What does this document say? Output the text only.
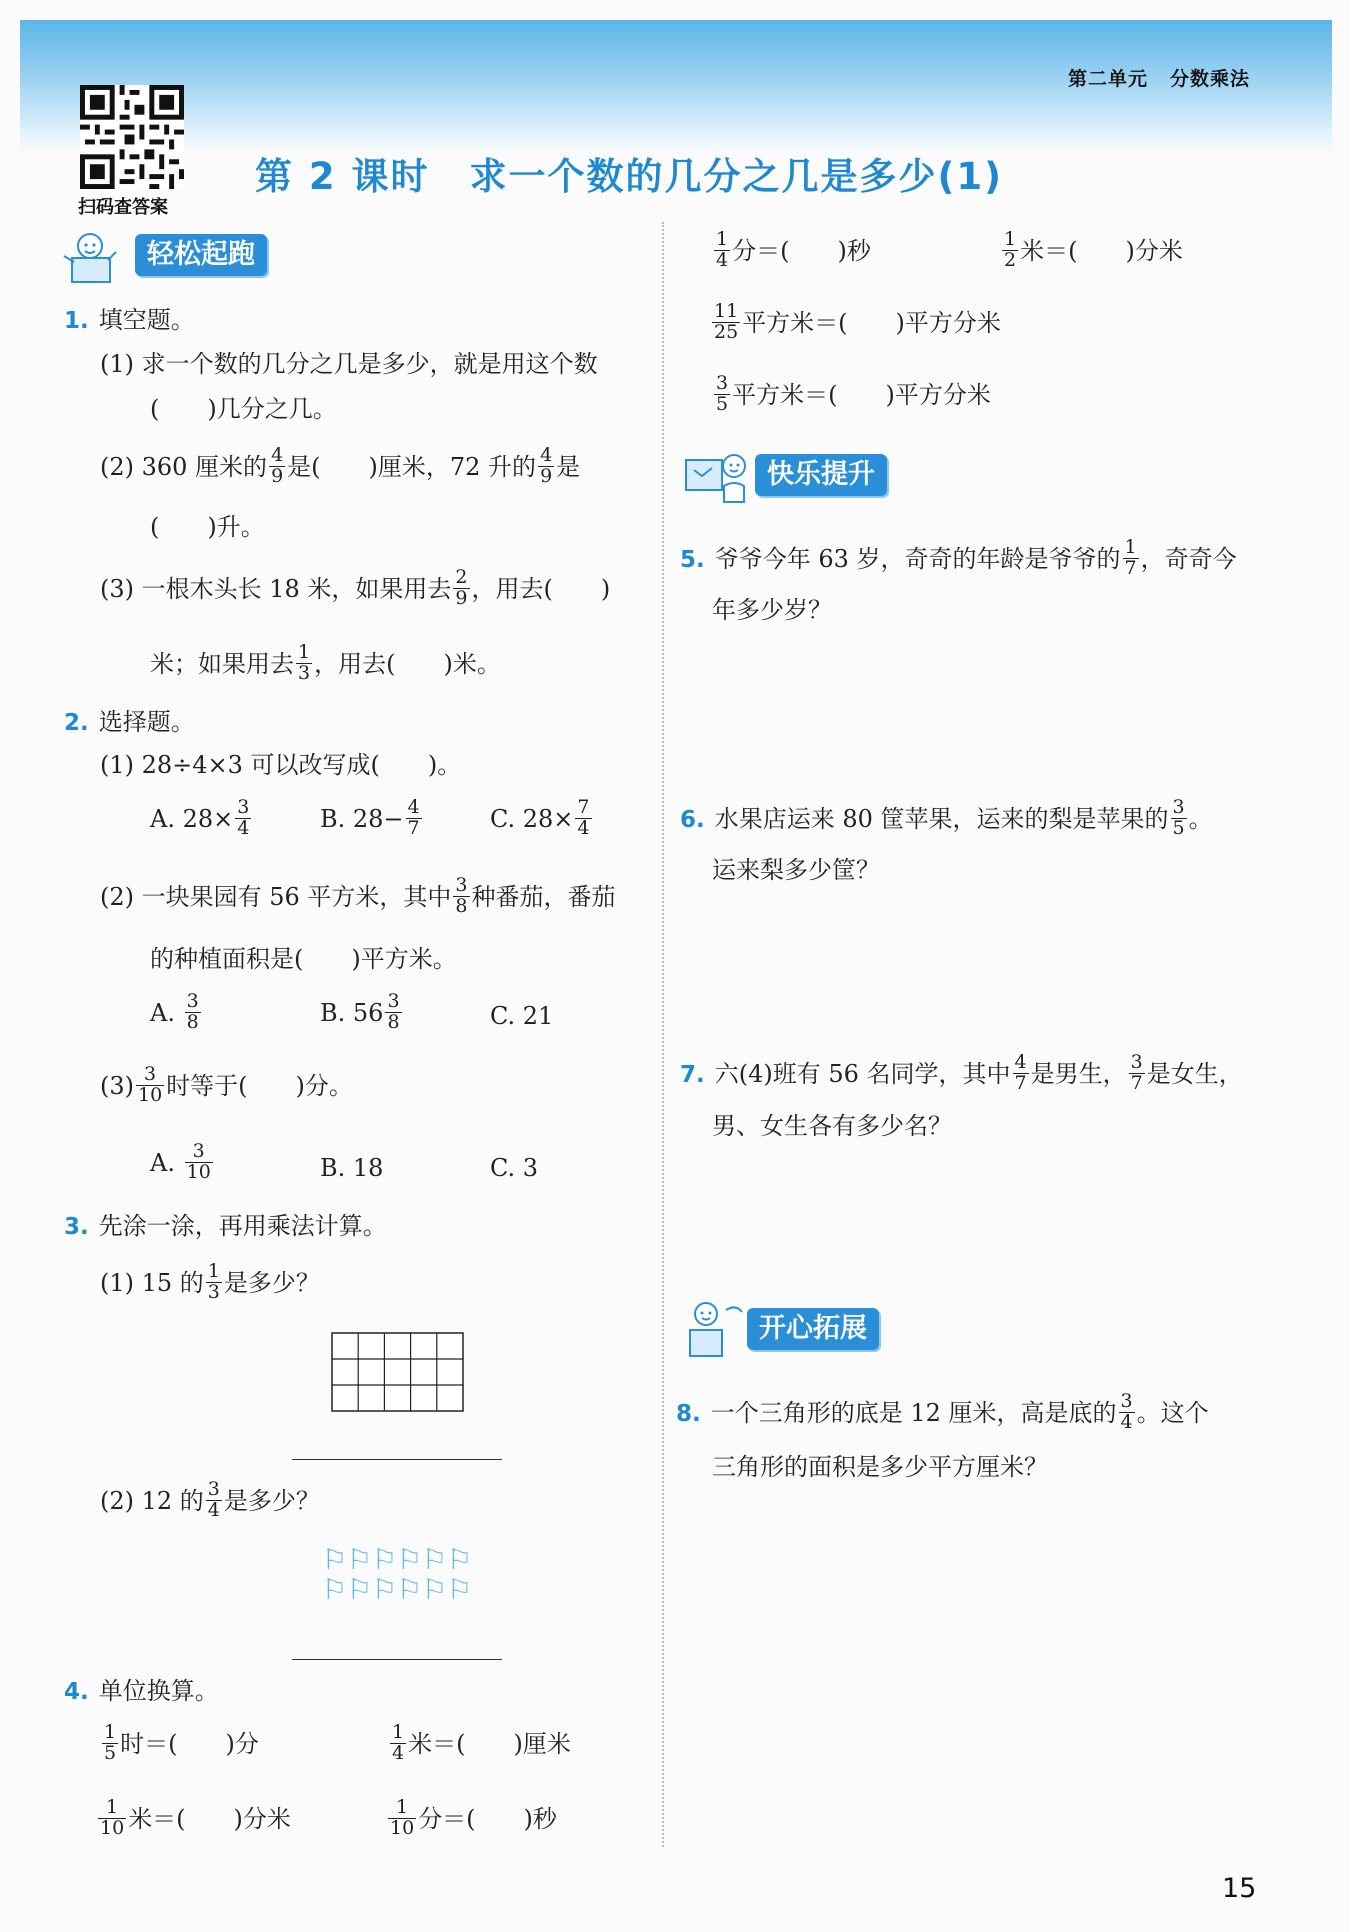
第二单元 分数乘法
扫码查答案
第 2 课时 求一个数的几分之几是多少(1)
轻松起跑
1. 填空题。
(1) 求一个数的几分之几是多少，就是用这个数
(　　)几分之几。
(2) 360 厘米的 $\frac{4}{9}$ 是(　　)厘米，72 升的 $\frac{4}{9}$ 是
(　　)升。
(3) 一根木头长 18 米，如果用去 $\frac{2}{9}$ ，用去(　　)
米；如果用去 $\frac{1}{3}$ ，用去(　　)米。
2. 选择题。
(1) 28÷4×3 可以改写成(　　)。
A. $28\times \frac{3}{4}$	B. $28- \frac{4}{7}$	C. $28\times \frac{7}{4}$
(2) 一块果园有 56 平方米，其中 $\frac{3}{8}$ 种番茄，番茄
的种植面积是(　　)平方米。
A. $\frac{3}{8}$	B. $56 \frac{3}{8}$	C. 21
$(3) \frac{3}{10}$ 时等于(　　)分。
A. $\frac{3}{10}$	B. 18	C. 3
3. 先涂一涂，再用乘法计算。
(1) 15 的 $\frac{1}{3}$ 是多少？
(2) 12 的 $\frac{3}{4}$ 是多少？
⚐⚐⚐⚐⚐⚐
⚐⚐⚐⚐⚐⚐
4. 单位换算。
$\frac{1}{5}$ 时＝(　　)分	$\frac{1}{4}$ 米＝(　　)厘米
$\frac{1}{10}$ 米＝(　　)分米	$\frac{1}{10}$ 分＝(　　)秒
$\frac{1}{4}$ 分＝(　　)秒	$\frac{1}{2}$ 米＝(　　)分米
$\frac{11}{25}$ 平方米＝(　　)平方分米
$\frac{3}{5}$ 平方米＝(　　)平方分米
快乐提升
5. 爷爷今年 63 岁，奇奇的年龄是爷爷的 $\frac{1}{7}$ ，奇奇今
年多少岁？
6. 水果店运来 80 筐苹果，运来的梨是苹果的 $\frac{3}{5}$ 。
运来梨多少筐？
7. 六(4)班有 56 名同学，其中 $\frac{4}{7}$ 是男生， $\frac{3}{7}$ 是女生，
男、女生各有多少名？
开心拓展
8. 一个三角形的底是 12 厘米，高是底的 $\frac{3}{4}$ 。这个
三角形的面积是多少平方厘米？
15
